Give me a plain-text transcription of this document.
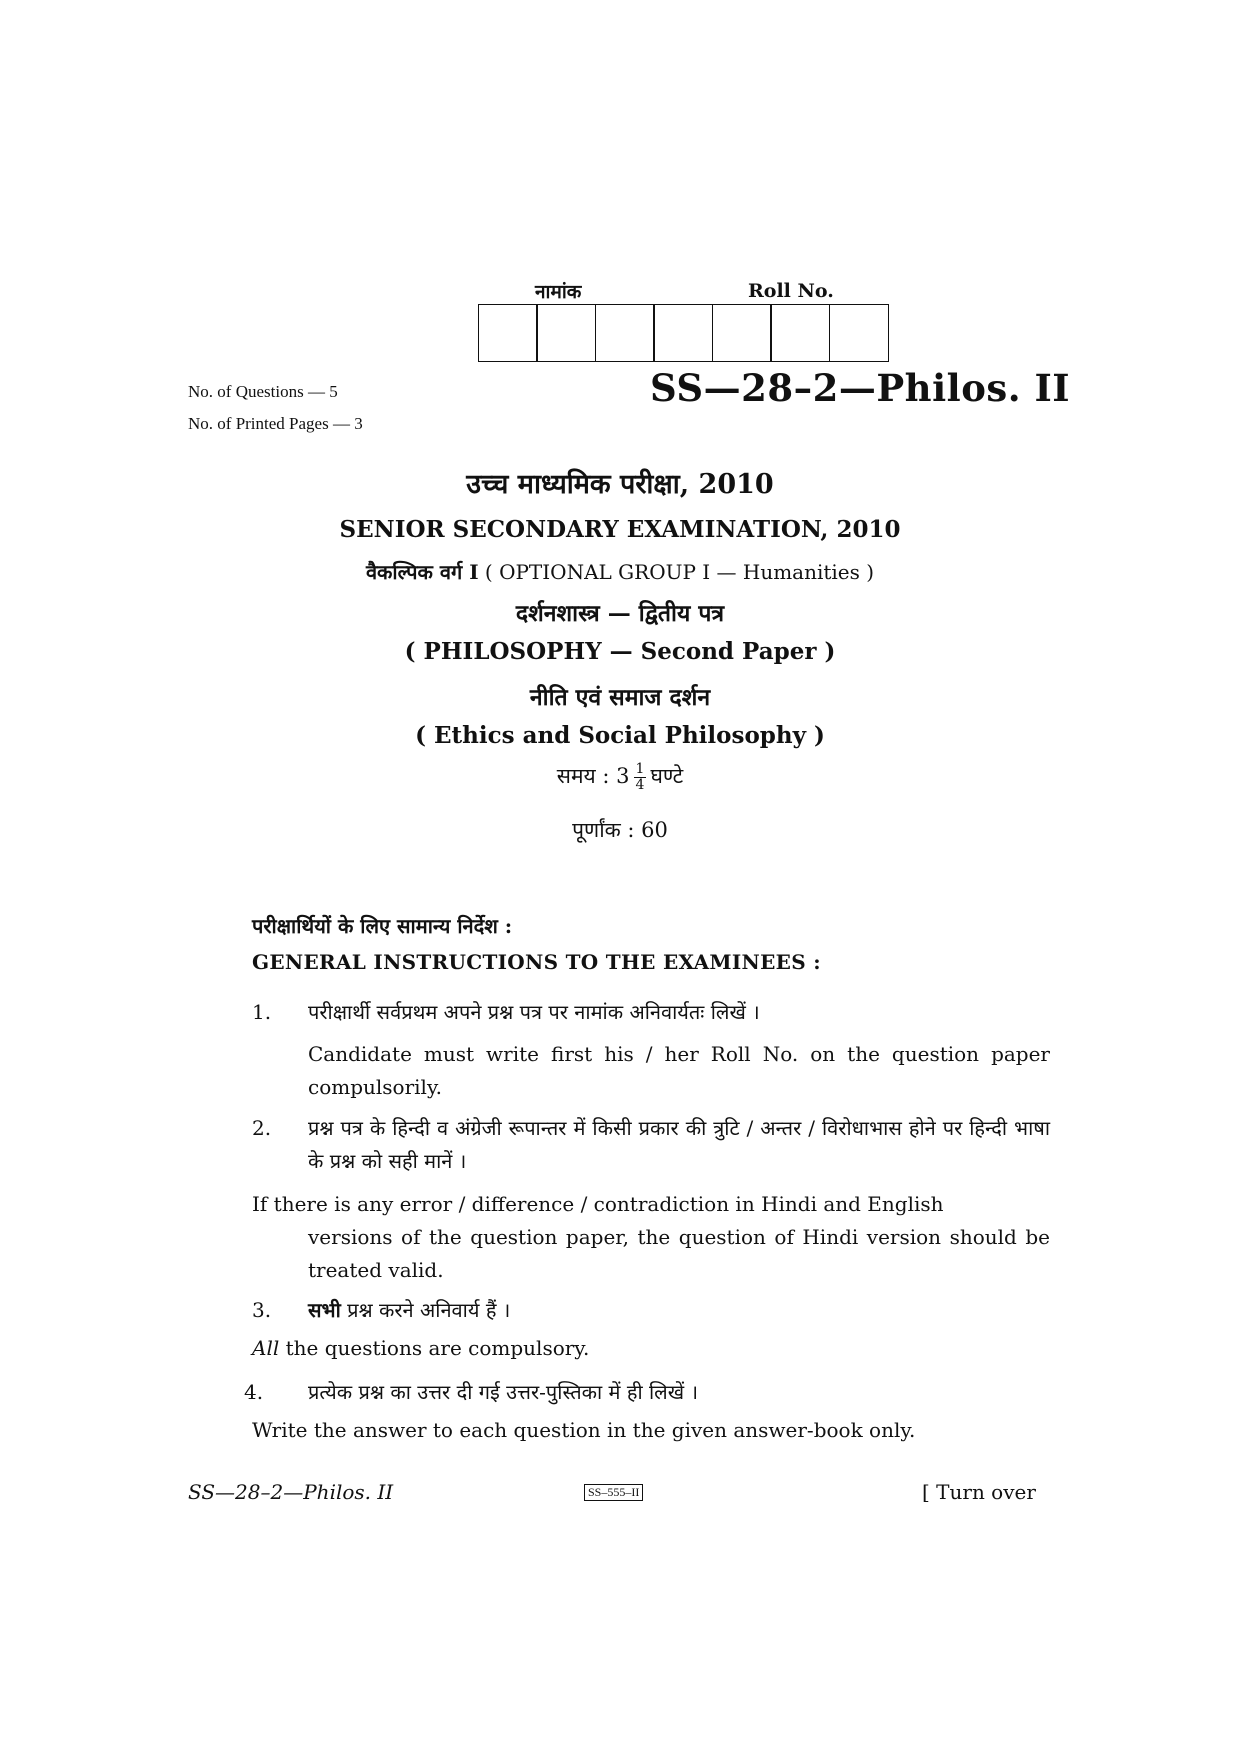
नामांक	Roll No.
No. of Questions — 5
No. of Printed Pages — 3
SS—28–2—Philos. II
उच्च माध्यमिक परीक्षा, 2010
SENIOR SECONDARY EXAMINATION, 2010
वैकल्पिक वर्ग I ( OPTIONAL GROUP I — Humanities )
दर्शनशास्त्र — द्वितीय पत्र
( PHILOSOPHY — Second Paper )
नीति एवं समाज दर्शन
( Ethics and Social Philosophy )
समय : $3 \frac{1}{4}$ घण्टे
पूर्णांक : 60
परीक्षार्थियों के लिए सामान्य निर्देश :
GENERAL INSTRUCTIONS TO THE EXAMINEES :
1.	परीक्षार्थी सर्वप्रथम अपने प्रश्न पत्र पर नामांक अनिवार्यतः लिखें ।
Candidate must write first his / her Roll No. on the question paper compulsorily.
2.	प्रश्न पत्र के हिन्दी व अंग्रेजी रूपान्तर में किसी प्रकार की त्रुटि / अन्तर / विरोधाभास होने पर हिन्दी भाषा के प्रश्न को सही मानें ।
If there is any error / difference / contradiction in Hindi and English
versions of the question paper, the question of Hindi version should be treated valid.
3.	सभी प्रश्न करने अनिवार्य हैं ।
All the questions are compulsory.
4.	प्रत्येक प्रश्न का उत्तर दी गई उत्तर-पुस्तिका में ही लिखें ।
Write the answer to each question in the given answer-book only.
SS—28–2—Philos. II	SS–555–II	[ Turn over
